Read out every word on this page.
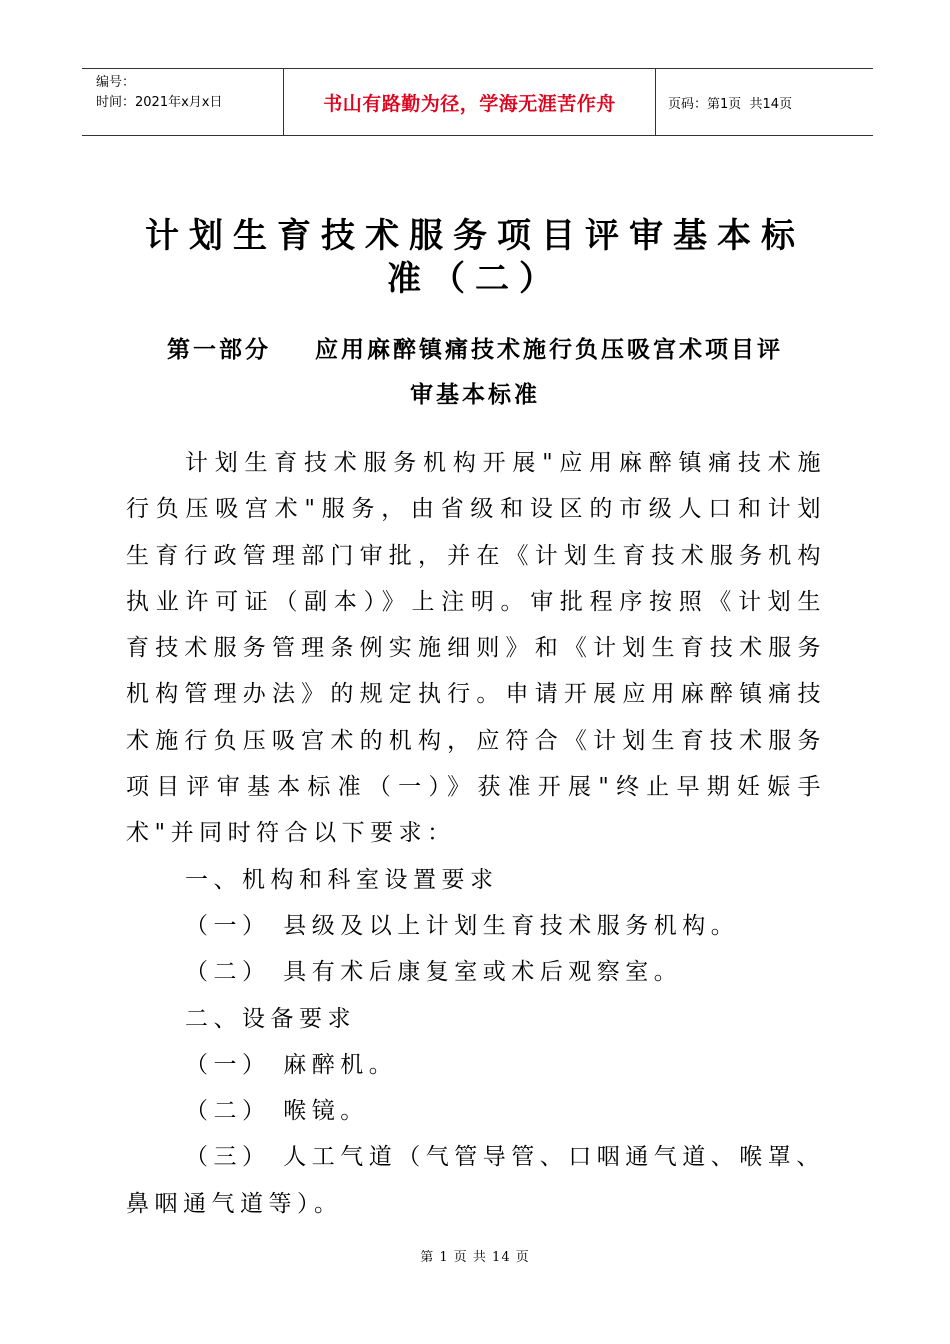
编号：
时间：2021年x月x日	书山有路勤为径，学海无涯苦作舟	页码：第1页  共14页
计划生育技术服务项目评审基本标
准（二）
第一部分    应用麻醉镇痛技术施行负压吸宫术项目评
审基本标准

计划生育技术服务机构开展"应用麻醉镇痛技术施行负压吸宫术"服务，由省级和设区的市级人口和计划生育行政管理部门审批，并在《计划生育技术服务机构执业许可证（副本）》上注明。审批程序按照《计划生育技术服务管理条例实施细则》和《计划生育技术服务机构管理办法》的规定执行。申请开展应用麻醉镇痛技术施行负压吸宫术的机构，应符合《计划生育技术服务项目评审基本标准（一）》获准开展"终止早期妊娠手术"并同时符合以下要求：

一、机构和科室设置要求

（一） 县级及以上计划生育技术服务机构。

（二） 具有术后康复室或术后观察室。

二、设备要求

（一） 麻醉机。

（二） 喉镜。

（三） 人工气道（气管导管、口咽通气道、喉罩、鼻咽通气道等）。

第 1 页 共 14 页
